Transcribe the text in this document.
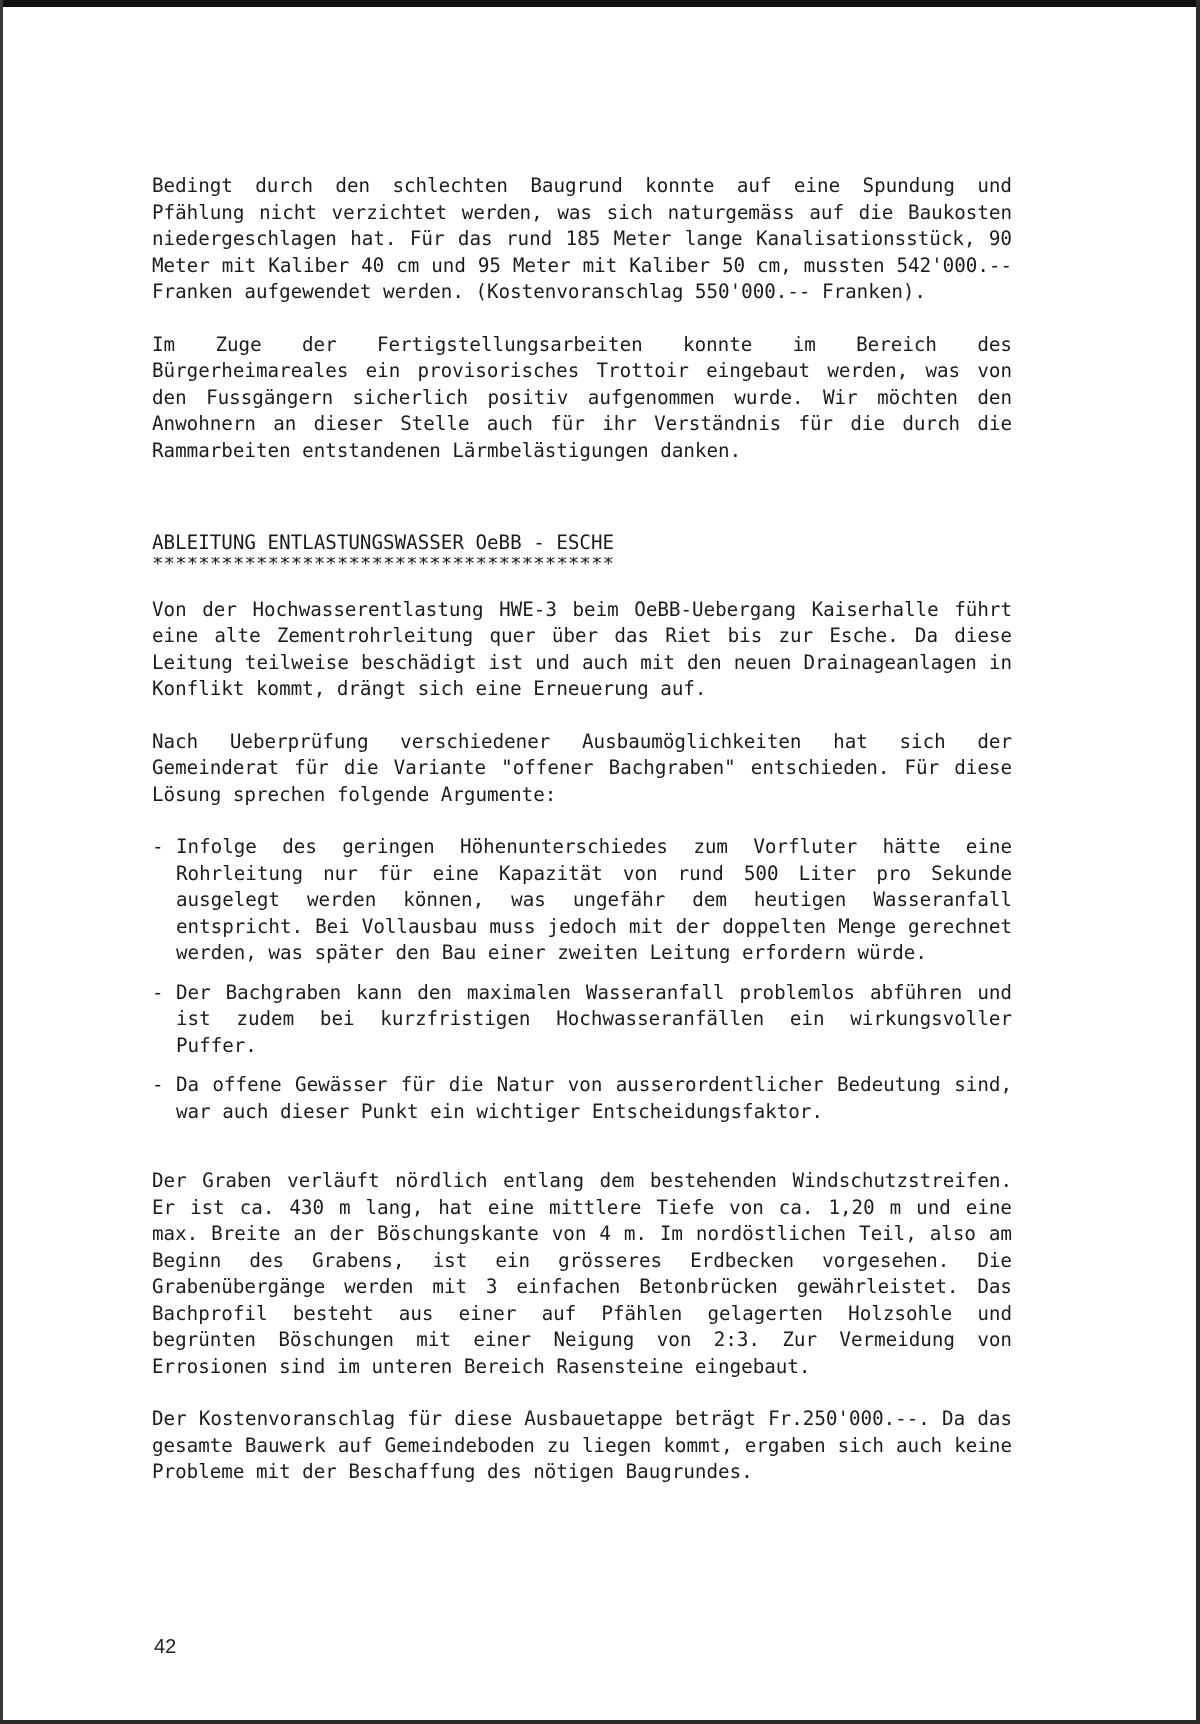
Bedingt durch den schlechten Baugrund konnte auf eine Spundung und Pfählung nicht verzichtet werden, was sich naturgemäss auf die Baukosten niedergeschlagen hat. Für das rund 185 Meter lange Kanalisationsstück, 90 Meter mit Kaliber 40 cm und 95 Meter mit Kaliber 50 cm, mussten 542'000.-- Franken aufgewendet werden. (Kostenvoranschlag 550'000.-- Franken).

Im Zuge der Fertigstellungsarbeiten konnte im Bereich des Bürgerheimareales ein provisorisches Trottoir eingebaut werden, was von den Fussgängern sicherlich positiv aufgenommen wurde. Wir möchten den Anwohnern an dieser Stelle auch für ihr Verständnis für die durch die Rammarbeiten entstandenen Lärmbelästigungen danken.

ABLEITUNG ENTLASTUNGSWASSER OeBB - ESCHE

****************************************

Von der Hochwasserentlastung HWE-3 beim OeBB-Uebergang Kaiserhalle führt eine alte Zementrohrleitung quer über das Riet bis zur Esche. Da diese Leitung teilweise beschädigt ist und auch mit den neuen Drainageanlagen in Konflikt kommt, drängt sich eine Erneuerung auf.

Nach Ueberprüfung verschiedener Ausbaumöglichkeiten hat sich der Gemeinderat für die Variante "offener Bachgraben" entschieden. Für diese Lösung sprechen folgende Argumente:

- Infolge des geringen Höhenunterschiedes zum Vorfluter hätte eine Rohrleitung nur für eine Kapazität von rund 500 Liter pro Sekunde ausgelegt werden können, was ungefähr dem heutigen Wasseranfall entspricht. Bei Vollausbau muss jedoch mit der doppelten Menge gerechnet werden, was später den Bau einer zweiten Leitung erfordern würde.
- Der Bachgraben kann den maximalen Wasseranfall problemlos abführen und ist zudem bei kurzfristigen Hochwasseranfällen ein wirkungsvoller Puffer.
- Da offene Gewässer für die Natur von ausserordentlicher Bedeutung sind, war auch dieser Punkt ein wichtiger Entscheidungsfaktor.

Der Graben verläuft nördlich entlang dem bestehenden Windschutzstreifen. Er ist ca. 430 m lang, hat eine mittlere Tiefe von ca. 1,20 m und eine max. Breite an der Böschungskante von 4 m. Im nordöstlichen Teil, also am Beginn des Grabens, ist ein grösseres Erdbecken vorgesehen. Die Grabenübergänge werden mit 3 einfachen Betonbrücken gewährleistet. Das Bachprofil besteht aus einer auf Pfählen gelagerten Holzsohle und begrünten Böschungen mit einer Neigung von 2:3. Zur Vermeidung von Errosionen sind im unteren Bereich Rasensteine eingebaut.

Der Kostenvoranschlag für diese Ausbauetappe beträgt Fr.250'000.--. Da das gesamte Bauwerk auf Gemeindeboden zu liegen kommt, ergaben sich auch keine Probleme mit der Beschaffung des nötigen Baugrundes.

42
